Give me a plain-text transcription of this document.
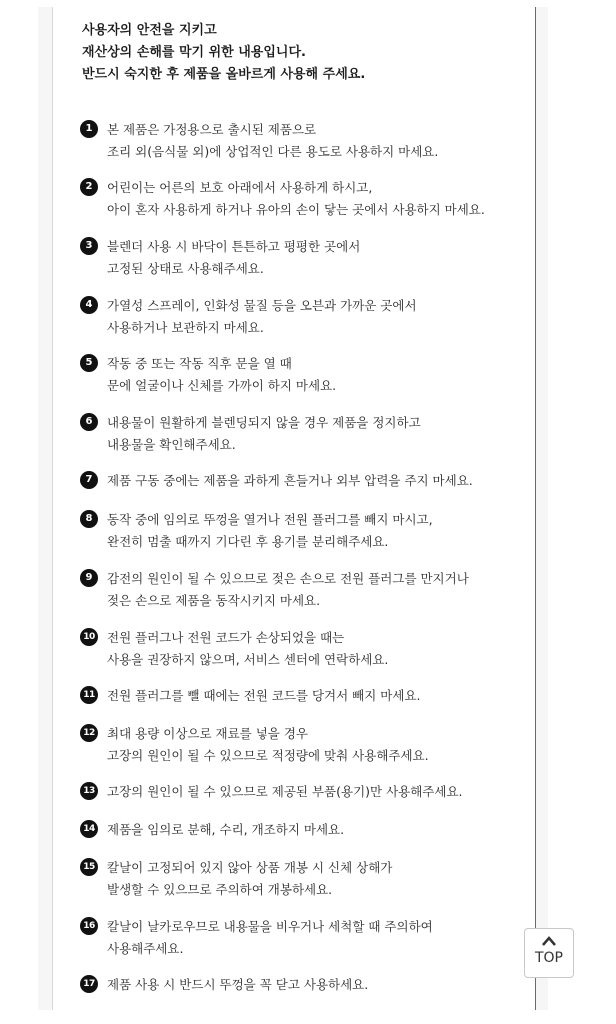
사용자의 안전을 지키고
재산상의 손해를 막기 위한 내용입니다.
반드시 숙지한 후 제품을 올바르게 사용해 주세요.
1	본 제품은 가정용으로 출시된 제품으로
조리 외(음식물 외)에 상업적인 다른 용도로 사용하지 마세요.
2	어린이는 어른의 보호 아래에서 사용하게 하시고,
아이 혼자 사용하게 하거나 유아의 손이 닿는 곳에서 사용하지 마세요.
3	블렌더 사용 시 바닥이 튼튼하고 평평한 곳에서
고정된 상태로 사용해주세요.
4	가열성 스프레이, 인화성 물질 등을 오븐과 가까운 곳에서
사용하거나 보관하지 마세요.
5	작동 중 또는 작동 직후 문을 열 때
문에 얼굴이나 신체를 가까이 하지 마세요.
6	내용물이 원활하게 블렌딩되지 않을 경우 제품을 정지하고
내용물을 확인해주세요.
7	제품 구동 중에는 제품을 과하게 흔들거나 외부 압력을 주지 마세요.
8	동작 중에 임의로 뚜껑을 열거나 전원 플러그를 빼지 마시고,
완전히 멈출 때까지 기다린 후 용기를 분리해주세요.
9	감전의 원인이 될 수 있으므로 젖은 손으로 전원 플러그를 만지거나
젖은 손으로 제품을 동작시키지 마세요.
10 전원 플러그나 전원 코드가 손상되었을 때는
사용을 권장하지 않으며, 서비스 센터에 연락하세요.
11 전원 플러그를 뺄 때에는 전원 코드를 당겨서 빼지 마세요.
12 최대 용량 이상으로 재료를 넣을 경우
고장의 원인이 될 수 있으므로 적정량에 맞춰 사용해주세요.
13 고장의 원인이 될 수 있으므로 제공된 부품(용기)만 사용해주세요.
14 제품을 임의로 분해, 수리, 개조하지 마세요.
15 칼날이 고정되어 있지 않아 상품 개봉 시 신체 상해가
발생할 수 있으므로 주의하여 개봉하세요.
16 칼날이 날카로우므로 내용물을 비우거나 세척할 때 주의하여
사용해주세요.
17 제품 사용 시 반드시 뚜껑을 꼭 닫고 사용하세요.
TOP
